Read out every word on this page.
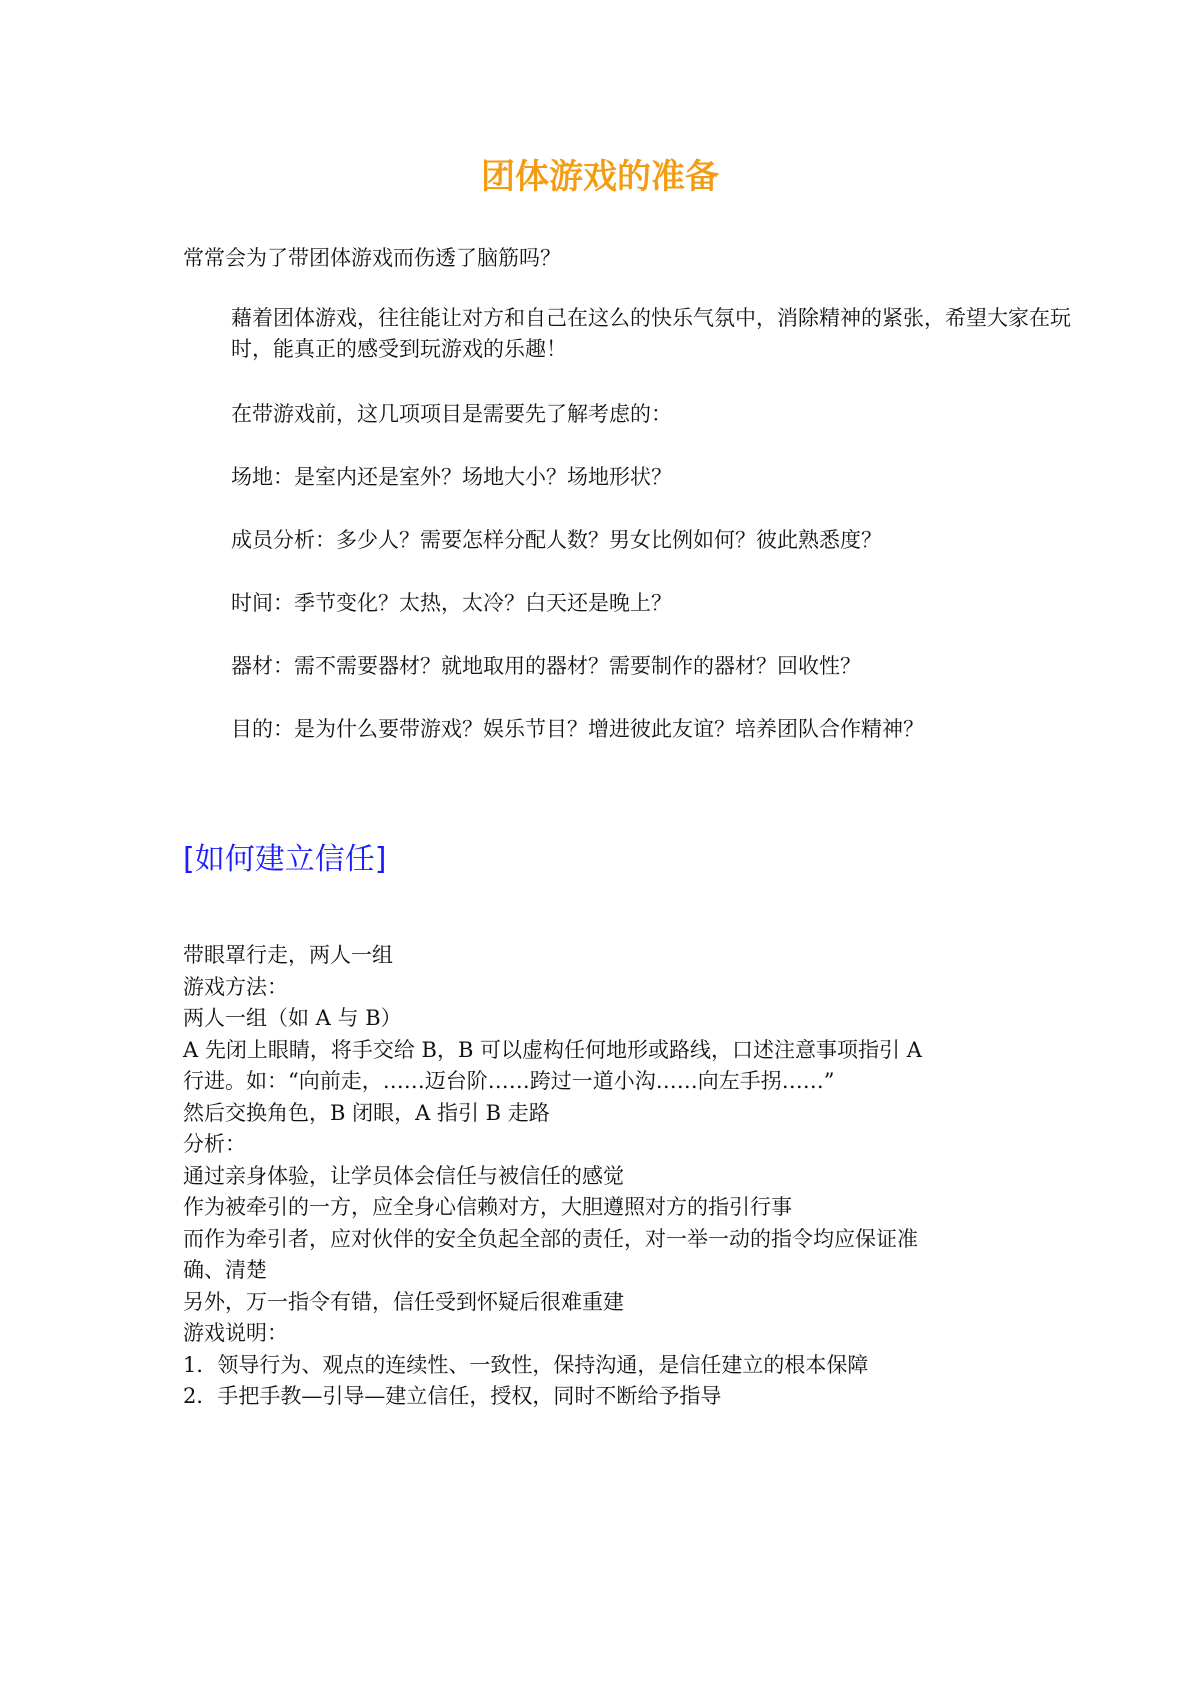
团体游戏的准备

常常会为了带团体游戏而伤透了脑筋吗？

藉着团体游戏，往往能让对方和自己在这么的快乐气氛中，消除精神的紧张，希望大家在玩时，能真正的感受到玩游戏的乐趣！

在带游戏前，这几项项目是需要先了解考虑的：

场地：是室内还是室外？场地大小？场地形状？

成员分析：多少人？需要怎样分配人数？男女比例如何？彼此熟悉度？

时间：季节变化？太热，太冷？白天还是晚上？

器材：需不需要器材？就地取用的器材？需要制作的器材？回收性？

目的：是为什么要带游戏？娱乐节目？增进彼此友谊？培养团队合作精神？

[如何建立信任]
带眼罩行走，两人一组
游戏方法：
两人一组（如 A 与 B）
A 先闭上眼睛，将手交给 B，B 可以虚构任何地形或路线，口述注意事项指引 A
行进。如：“向前走，……迈台阶……跨过一道小沟……向左手拐……”
然后交换角色，B 闭眼，A 指引 B 走路
分析：
通过亲身体验，让学员体会信任与被信任的感觉
作为被牵引的一方，应全身心信赖对方，大胆遵照对方的指引行事
而作为牵引者，应对伙伴的安全负起全部的责任，对一举一动的指令均应保证准
确、清楚
另外，万一指令有错，信任受到怀疑后很难重建
游戏说明：
1．领导行为、观点的连续性、一致性，保持沟通，是信任建立的根本保障
2．手把手教—引导—建立信任，授权，同时不断给予指导
